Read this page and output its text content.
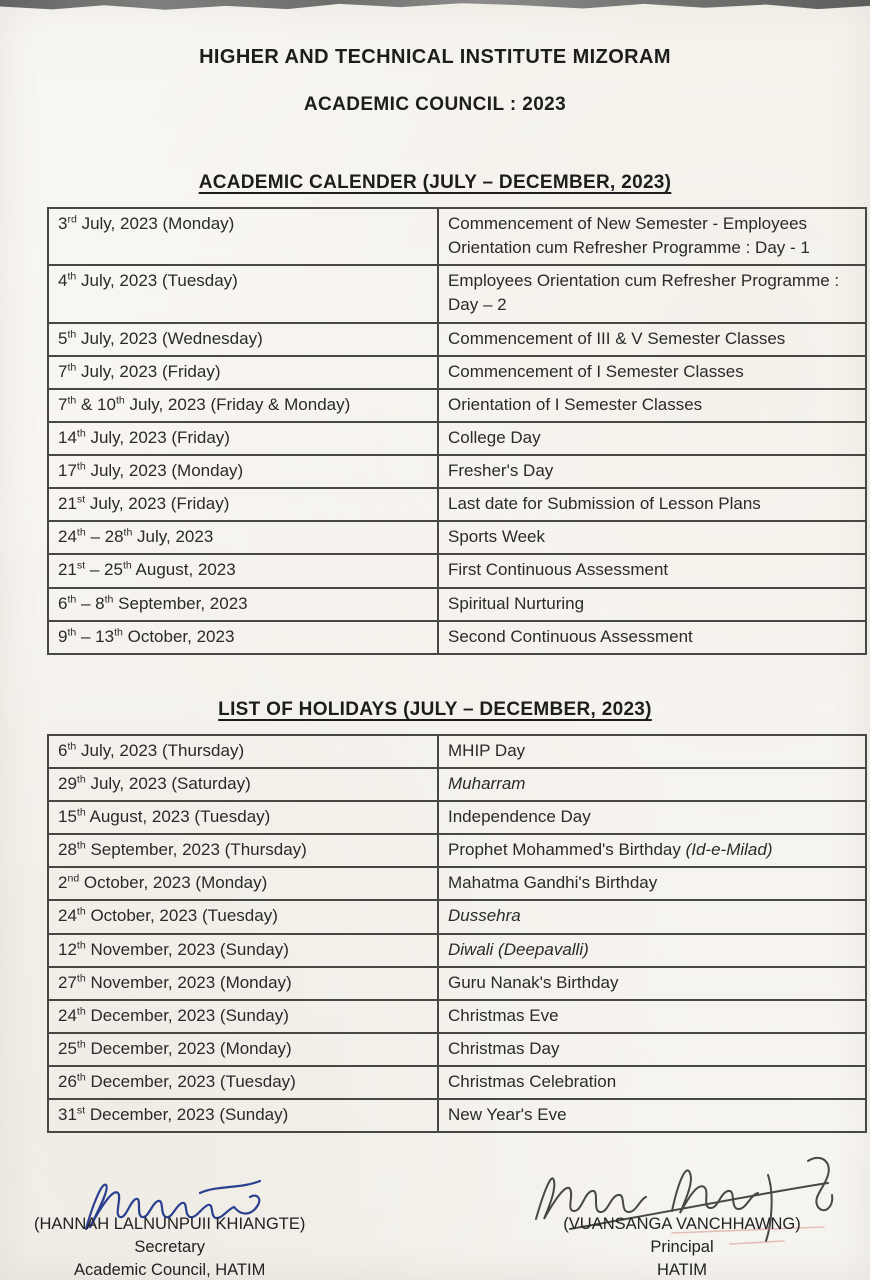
HIGHER AND TECHNICAL INSTITUTE MIZORAM
ACADEMIC COUNCIL : 2023
ACADEMIC CALENDER (JULY – DECEMBER, 2023)
3rd July, 2023 (Monday)	Commencement of New Semester - Employees Orientation cum Refresher Programme : Day - 1
4th July, 2023 (Tuesday)	Employees Orientation cum Refresher Programme : Day – 2
5th July, 2023 (Wednesday)	Commencement of III & V Semester Classes
7th July, 2023 (Friday)	Commencement of I Semester Classes
7th & 10th July, 2023 (Friday & Monday)	Orientation of I Semester Classes
14th July, 2023 (Friday)	College Day
17th July, 2023 (Monday)	Fresher's Day
21st July, 2023 (Friday)	Last date for Submission of Lesson Plans
24th – 28th July, 2023	Sports Week
21st – 25th August, 2023	First Continuous Assessment
6th – 8th September, 2023	Spiritual Nurturing
9th – 13th October, 2023	Second Continuous Assessment
LIST OF HOLIDAYS (JULY – DECEMBER, 2023)
6th July, 2023 (Thursday)	MHIP Day
29th July, 2023 (Saturday)	Muharram
15th August, 2023 (Tuesday)	Independence Day
28th September, 2023 (Thursday)	Prophet Mohammed's Birthday (Id-e-Milad)
2nd October, 2023 (Monday)	Mahatma Gandhi's Birthday
24th October, 2023 (Tuesday)	Dussehra
12th November, 2023 (Sunday)	Diwali (Deepavalli)
27th November, 2023 (Monday)	Guru Nanak's Birthday
24th December, 2023 (Sunday)	Christmas Eve
25th December, 2023 (Monday)	Christmas Day
26th December, 2023 (Tuesday)	Christmas Celebration
31st December, 2023 (Sunday)	New Year's Eve
(HANNAH LALNUNPUII KHIANGTE)
Secretary
Academic Council, HATIM
(VUANSANGA VANCHHAWNG)
Principal
HATIM
